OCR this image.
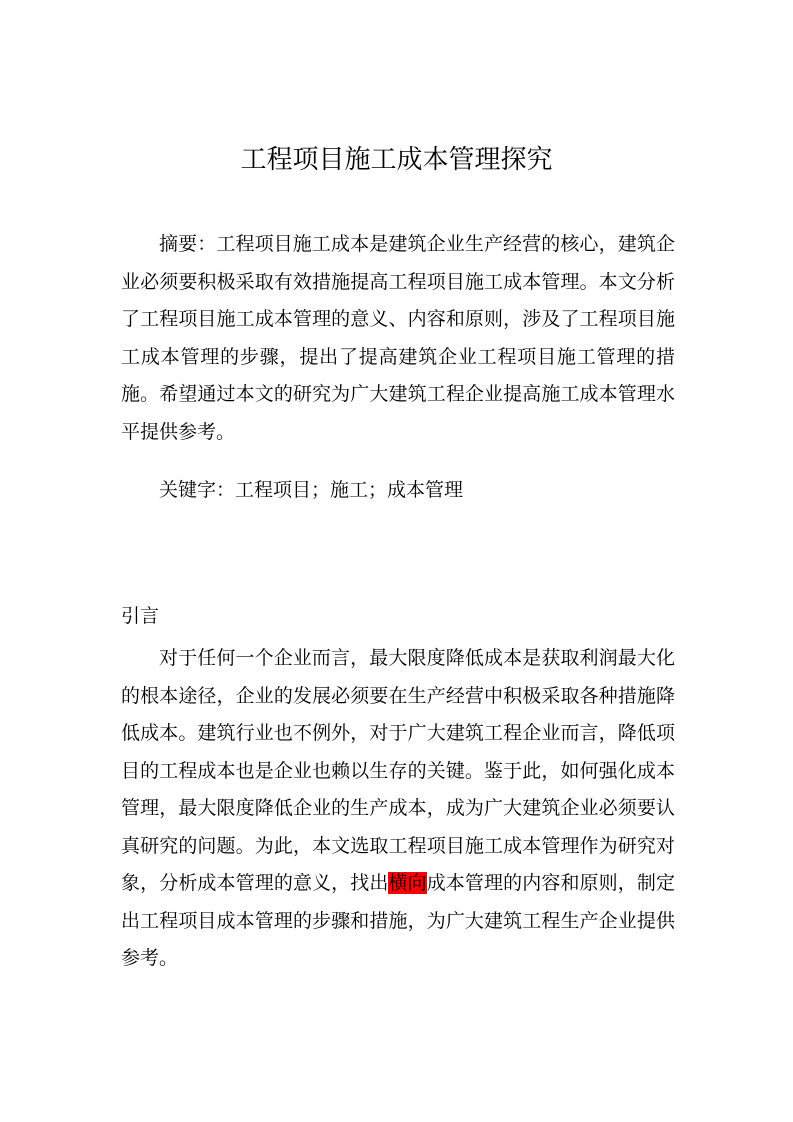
工程项目施工成本管理探究

摘要：工程项目施工成本是建筑企业生产经营的核心，建筑企业必须要积极采取有效措施提高工程项目施工成本管理。本文分析了工程项目施工成本管理的意义、内容和原则，涉及了工程项目施工成本管理的步骤，提出了提高建筑企业工程项目施工管理的措施。希望通过本文的研究为广大建筑工程企业提高施工成本管理水平提供参考。

关键字：工程项目；施工；成本管理

引言

对于任何一个企业而言，最大限度降低成本是获取利润最大化的根本途径，企业的发展必须要在生产经营中积极采取各种措施降低成本。建筑行业也不例外，对于广大建筑工程企业而言，降低项目的工程成本也是企业也赖以生存的关键。鉴于此，如何强化成本管理，最大限度降低企业的生产成本，成为广大建筑企业必须要认真研究的问题。为此，本文选取工程项目施工成本管理作为研究对象，分析成本管理的意义，找出横向成本管理的内容和原则，制定出工程项目成本管理的步骤和措施，为广大建筑工程生产企业提供参考。
